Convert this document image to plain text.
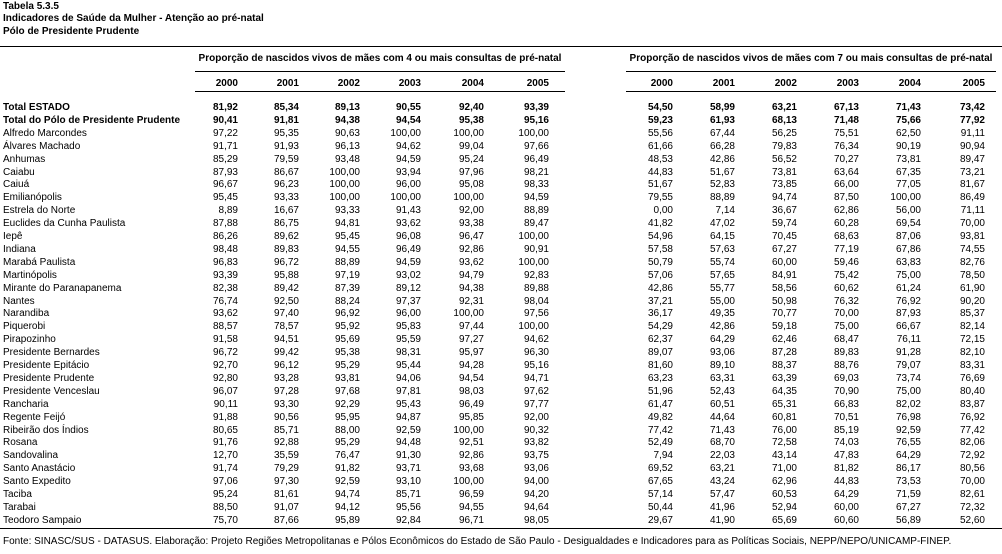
Tabela 5.3.5
Indicadores de Saúde da Mulher - Atenção ao pré-natal
Pólo de Presidente Prudente
Proporção de nascidos vivos de mães com 4 ou mais consultas de pré-natal	Proporção de nascidos vivos de mães com 7 ou mais consultas de pré-natal
2000	2000
2001	2001
2002	2002
2003	2003
2004	2004
2005	2005
Total ESTADO	81,92	85,34	89,13	90,55	92,40	93,39	54,50	58,99	63,21	67,13	71,43	73,42
Total do Pólo de Presidente Prudente	90,41	91,81	94,38	94,54	95,38	95,16	59,23	61,93	68,13	71,48	75,66	77,92
Alfredo Marcondes	97,22	95,35	90,63	100,00	100,00	100,00	55,56	67,44	56,25	75,51	62,50	91,11
Álvares Machado	91,71	91,93	96,13	94,62	99,04	97,66	61,66	66,28	79,83	76,34	90,19	90,94
Anhumas	85,29	79,59	93,48	94,59	95,24	96,49	48,53	42,86	56,52	70,27	73,81	89,47
Caiabu	87,93	86,67	100,00	93,94	97,96	98,21	44,83	51,67	73,81	63,64	67,35	73,21
Caiuá	96,67	96,23	100,00	96,00	95,08	98,33	51,67	52,83	73,85	66,00	77,05	81,67
Emilianópolis	95,45	93,33	100,00	100,00	100,00	94,59	79,55	88,89	94,74	87,50	100,00	86,49
Estrela do Norte	8,89	16,67	93,33	91,43	92,00	88,89	0,00	7,14	36,67	62,86	56,00	71,11
Euclides da Cunha Paulista	87,88	86,75	94,81	93,62	93,38	89,47	41,82	47,02	59,74	60,28	69,54	70,00
Iepê	86,26	89,62	95,45	96,08	96,47	100,00	54,96	64,15	70,45	68,63	87,06	93,81
Indiana	98,48	89,83	94,55	96,49	92,86	90,91	57,58	57,63	67,27	77,19	67,86	74,55
Marabá Paulista	96,83	96,72	88,89	94,59	93,62	100,00	50,79	55,74	60,00	59,46	63,83	82,76
Martinópolis	93,39	95,88	97,19	93,02	94,79	92,83	57,06	57,65	84,91	75,42	75,00	78,50
Mirante do Paranapanema	82,38	89,42	87,39	89,12	94,38	89,88	42,86	55,77	58,56	60,62	61,24	61,90
Nantes	76,74	92,50	88,24	97,37	92,31	98,04	37,21	55,00	50,98	76,32	76,92	90,20
Narandiba	93,62	97,40	96,92	96,00	100,00	97,56	36,17	49,35	70,77	70,00	87,93	85,37
Piquerobi	88,57	78,57	95,92	95,83	97,44	100,00	54,29	42,86	59,18	75,00	66,67	82,14
Pirapozinho	91,58	94,51	95,69	95,59	97,27	94,62	62,37	64,29	62,46	68,47	76,11	72,15
Presidente Bernardes	96,72	99,42	95,38	98,31	95,97	96,30	89,07	93,06	87,28	89,83	91,28	82,10
Presidente Epitácio	92,70	96,12	95,29	95,44	94,28	95,16	81,60	89,10	88,37	88,76	79,07	83,31
Presidente Prudente	92,80	93,28	93,81	94,06	94,54	94,71	63,23	63,31	63,39	69,03	73,74	76,69
Presidente Venceslau	96,07	97,28	97,68	97,81	98,03	97,62	51,96	52,43	64,35	70,90	75,00	80,40
Rancharia	90,11	93,30	92,29	95,43	96,49	97,77	61,47	60,51	65,31	66,83	82,02	83,87
Regente Feijó	91,88	90,56	95,95	94,87	95,85	92,00	49,82	44,64	60,81	70,51	76,98	76,92
Ribeirão dos Índios	80,65	85,71	88,00	92,59	100,00	90,32	77,42	71,43	76,00	85,19	92,59	77,42
Rosana	91,76	92,88	95,29	94,48	92,51	93,82	52,49	68,70	72,58	74,03	76,55	82,06
Sandovalina	12,70	35,59	76,47	91,30	92,86	93,75	7,94	22,03	43,14	47,83	64,29	72,92
Santo Anastácio	91,74	79,29	91,82	93,71	93,68	93,06	69,52	63,21	71,00	81,82	86,17	80,56
Santo Expedito	97,06	97,30	92,59	93,10	100,00	94,00	67,65	43,24	62,96	44,83	73,53	70,00
Taciba	95,24	81,61	94,74	85,71	96,59	94,20	57,14	57,47	60,53	64,29	71,59	82,61
Tarabai	88,50	91,07	94,12	95,56	94,55	94,64	50,44	41,96	52,94	60,00	67,27	72,32
Teodoro Sampaio	75,70	87,66	95,89	92,84	96,71	98,05	29,67	41,90	65,69	60,60	56,89	52,60
Fonte: SINASC/SUS - DATASUS. Elaboração: Projeto Regiões Metropolitanas e Pólos Econômicos do Estado de São Paulo - Desigualdades e Indicadores para as Políticas Sociais, NEPP/NEPO/UNICAMP-FINEP.
